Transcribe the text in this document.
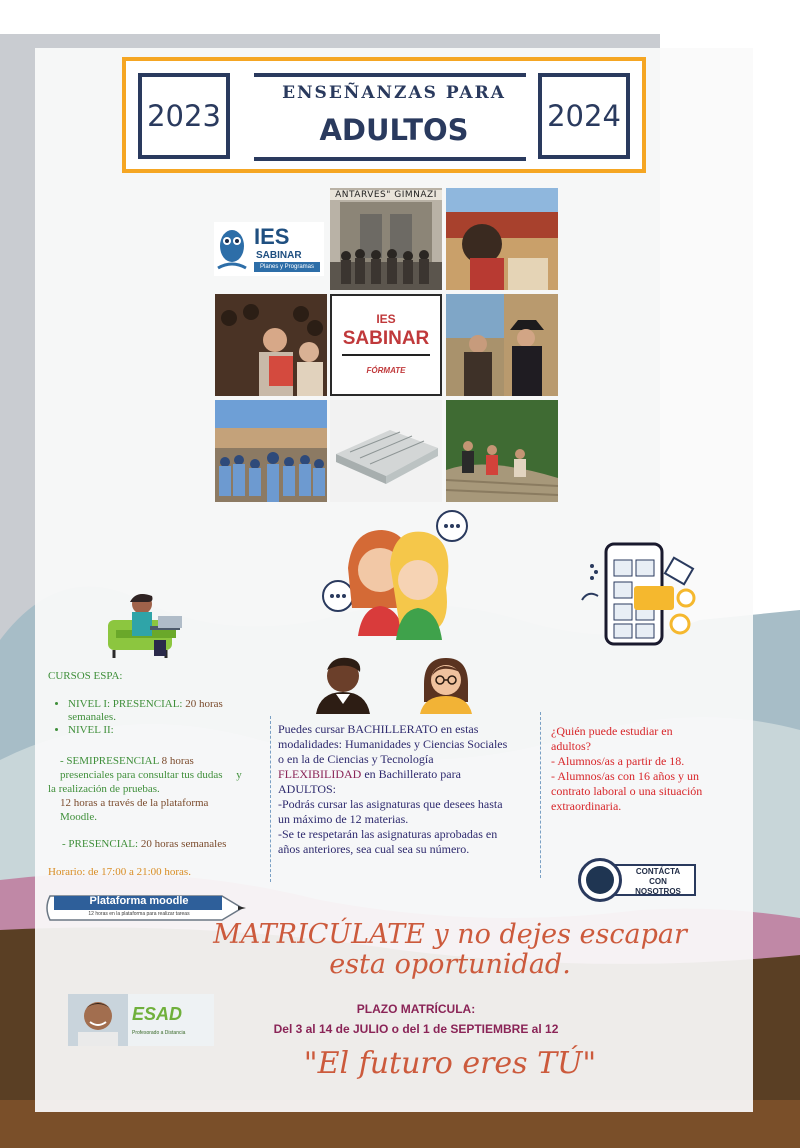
2023
ENSEÑANZAS PARA
ADULTOS	2024
IES
SABINAR
Planes y Programas
ANTARVES" GIMNAZI
IES
SABINAR
FÓRMATE
CURSOS ESPA:
• NIVEL I: PRESENCIAL: 20 horas
semanales.
• NIVEL II:
- SEMIPRESENCIAL 8 horas
presenciales para consultar tus dudas y
la realización de pruebas.
12 horas a través de la plataforma
Moodle.
- PRESENCIAL: 20 horas semanales
Horario: de 17:00 a 21:00 horas.
Puedes cursar BACHILLERATO en estas
modalidades: Humanidades y Ciencias Sociales
o en la de Ciencias y Tecnología
FLEXIBILIDAD en Bachillerato para
ADULTOS:
-Podrás cursar las asignaturas que desees hasta
un máximo de 12 materias.
-Se te respetarán las asignaturas aprobadas en
años anteriores, sea cual sea su número.
¿Quién puede estudiar en
adultos?
- Alumnos/as a partir de 18.
- Alumnos/as con 16 años y un
contrato laboral o una situación
extraordinaria.
CONTÁCTA
CON
NOSOTROS
Plataforma moodle
12 horas en la plataforma para realizar tareas
MATRICÚLATE y no dejes escapar
esta oportunidad.
ESAD
Profesorado a Distancia
PLAZO MATRÍCULA:
Del 3 al 14 de JULIO o del 1 de SEPTIEMBRE al 12
"El futuro eres TÚ"
